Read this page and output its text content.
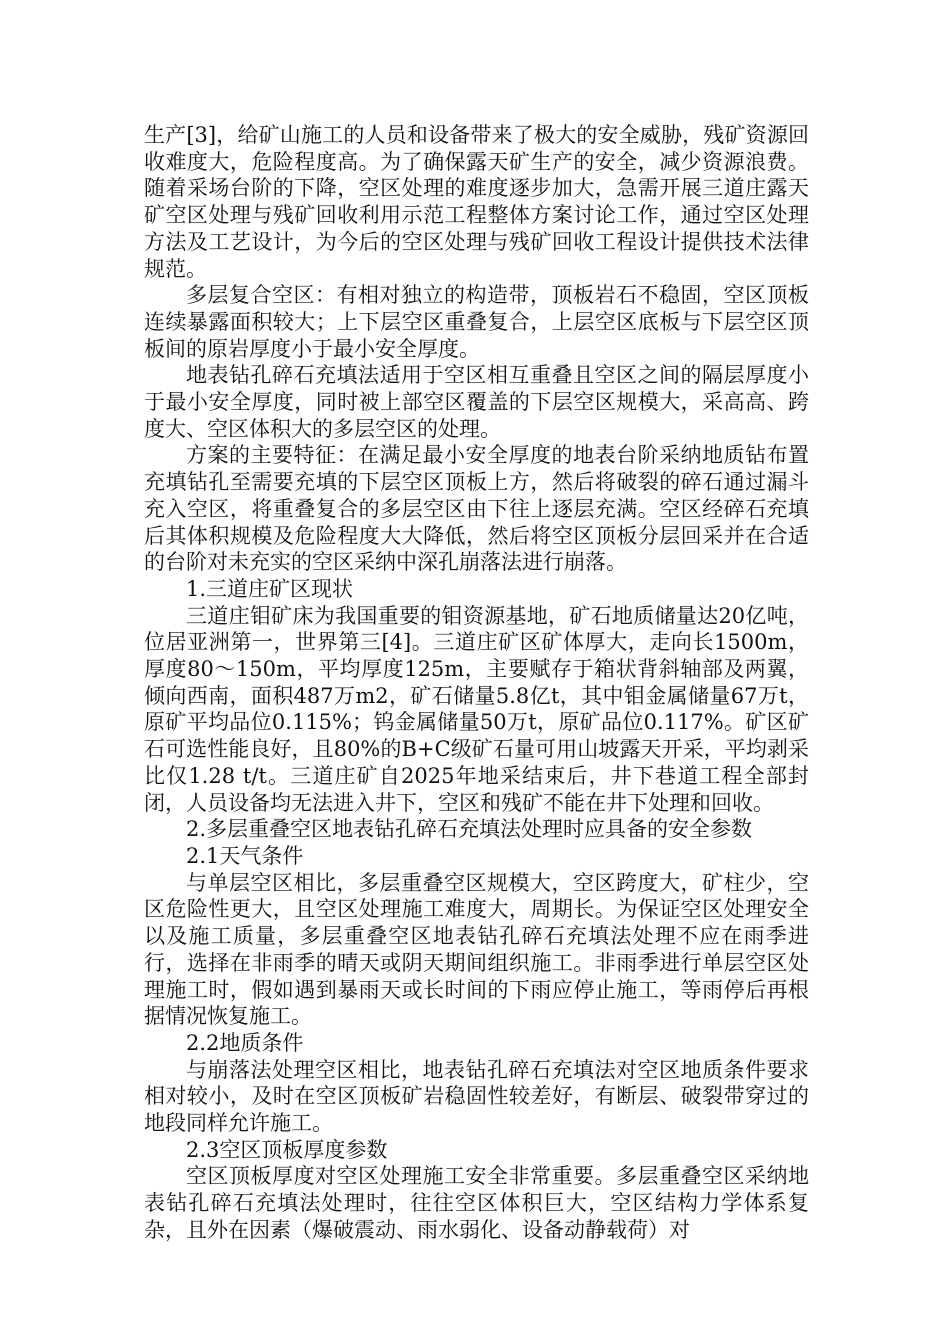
生产[3]，给矿山施工的人员和设备带来了极大的安全威胁，残矿资源回收难度大，危险程度高。为了确保露天矿生产的安全，减少资源浪费。随着采场台阶的下降，空区处理的难度逐步加大，急需开展三道庄露天矿空区处理与残矿回收利用示范工程整体方案讨论工作，通过空区处理方法及工艺设计，为今后的空区处理与残矿回收工程设计提供技术法律规范。

多层复合空区：有相对独立的构造带，顶板岩石不稳固，空区顶板连续暴露面积较大；上下层空区重叠复合，上层空区底板与下层空区顶板间的原岩厚度小于最小安全厚度。

地表钻孔碎石充填法适用于空区相互重叠且空区之间的隔层厚度小于最小安全厚度，同时被上部空区覆盖的下层空区规模大，采高高、跨度大、空区体积大的多层空区的处理。

方案的主要特征：在满足最小安全厚度的地表台阶采纳地质钻布置充填钻孔至需要充填的下层空区顶板上方，然后将破裂的碎石通过漏斗充入空区，将重叠复合的多层空区由下往上逐层充满。空区经碎石充填后其体积规模及危险程度大大降低，然后将空区顶板分层回采并在合适的台阶对未充实的空区采纳中深孔崩落法进行崩落。

1.三道庄矿区现状

三道庄钼矿床为我国重要的钼资源基地，矿石地质储量达20亿吨，位居亚洲第一，世界第三[4]。三道庄矿区矿体厚大，走向长1500m，厚度80～150m，平均厚度125m，主要赋存于箱状背斜轴部及两翼，倾向西南，面积487万m2，矿石储量5.8亿t，其中钼金属储量67万t，原矿平均品位0.115%；钨金属储量50万t，原矿品位0.117%。矿区矿石可选性能良好，且80%的B+C级矿石量可用山坡露天开采，平均剥采比仅1.28 t/t。三道庄矿自2025年地采结束后，井下巷道工程全部封闭，人员设备均无法进入井下，空区和残矿不能在井下处理和回收。

2.多层重叠空区地表钻孔碎石充填法处理时应具备的安全参数

2.1天气条件

与单层空区相比，多层重叠空区规模大，空区跨度大，矿柱少，空区危险性更大，且空区处理施工难度大，周期长。为保证空区处理安全以及施工质量，多层重叠空区地表钻孔碎石充填法处理不应在雨季进行，选择在非雨季的晴天或阴天期间组织施工。非雨季进行单层空区处理施工时，假如遇到暴雨天或长时间的下雨应停止施工，等雨停后再根据情况恢复施工。

2.2地质条件

与崩落法处理空区相比，地表钻孔碎石充填法对空区地质条件要求相对较小，及时在空区顶板矿岩稳固性较差好，有断层、破裂带穿过的地段同样允许施工。

2.3空区顶板厚度参数

空区顶板厚度对空区处理施工安全非常重要。多层重叠空区采纳地表钻孔碎石充填法处理时，往往空区体积巨大，空区结构力学体系复杂，且外在因素（爆破震动、雨水弱化、设备动静载荷）对
